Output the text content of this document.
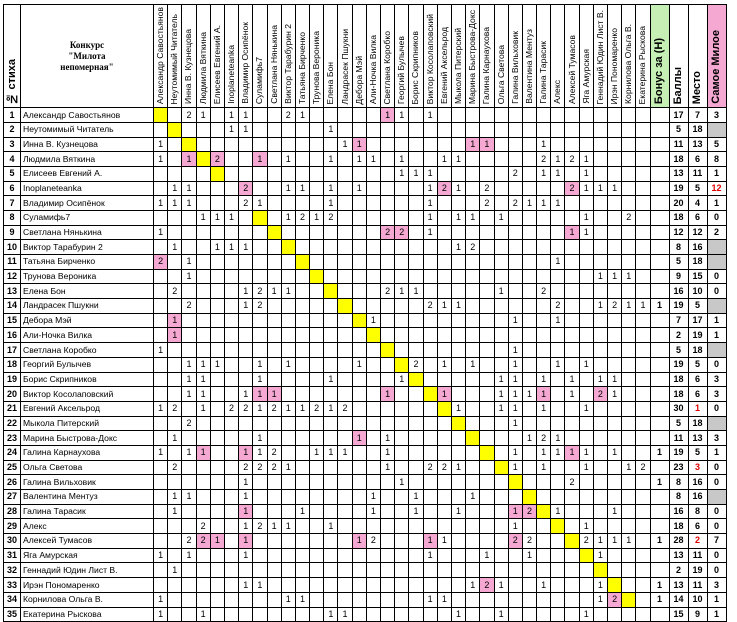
№ стиха	Конкурс
"Милота
непомерная"	Александр Савостьянов	Неутомимый Читатель	Инна В. Кузнецова	Людмила Вяткина	Елисеев Евгений А.	Inoplaneteanka	Владимир Осипёнок	Суламифь7	Светлана Нянькина	Виктор Тарабурин 2	Татьяна Бирченко	Трунова Вероника	Елена Бон	Ландрасек Пшукни	Дебора Мэй	Али-Ночка Вилка	Светлана Коробко	Георгий Булычев	Борис Скрипников	Виктор Косолаповский	Евгений Аксельрод	Мыкола Питерский	Марина Быстрова-Докс	Галина Карнаухова	Ольга Светова	Галина Вильховик	Валентина Ментуз	Галина Тарасик	Алекс	Алексей Тумасов	Яга Амурская	Геннадий Юдин Лист В.	Ирэн Пономаренко	Корнилова Ольга В.	Екатерина Рыскова	Бонус за (Н)	Баллы	Место	Самое Милое
1	Александр Савостьянов			2	1		1	1			2	1						1	1		1																	17	7	3
2	Неутомимый Читатель						1	1						1																								5	18	
3	Инна В. Кузнецова	1													1	1								1	1				1									11	13	5
4	Людмила Вяткина	1		1		2			1		1			1		1	1		1			1	1						2	1	2	1						18	6	8
5	Елисеев Евгений А.																		1	1	1						2		1	1		1						13	11	1
6	Inoplaneteanka		1	1				2			1	1		1		1					1	2	1		2						2	1	1	1				19	5	12
7	Владимир Осипёнок	1	1	1				2	1					1							1				2		2	1	1	1								20	4	1
8	Суламифь7				1	1	1				1	2	1	2							1		1	1		1						1			2			18	6	0
9	Светлана Нянькина	1																2	2		1										1	1						12	12	2
10	Виктор Тарабурин 2		1			1	1	1															1	2														8	16	
11	Татьяна Бирченко	2		1																										1								5	18	
12	Трунова Вероника			1																													1	1	1			9	15	0
13	Елена Бон		2					1	2	1	1							2	1	1						1			2									16	10	0
14	Ландрасек Пшукни			2				1	2												2	1	1							2			1	2	1	1	1	19	5	
15	Дебора Мэй		1														1										1			1								7	17	1
16	Али-Ночка Вилка		1																																			2	19	1
17	Светлана Коробко	1																									1											5	18	
18	Георгий Булычев			1	1	1			1		1					1				2		1		1			1			1		1						19	5	0
19	Борис Скрипников			1	1				1					1					1							1	1		1		1		1	1				18	6	3
20	Виктор Косолаповский			1	1			1	1	1								1				1				1	1	1	1		1		2	1				18	6	3
21	Евгений Аксельрод	1	2		1		2	2	1	2	1	1	2	1	2								1			1	1		1			1						30	1	0
22	Мыкола Питерский			2																							1											5	18	
23	Марина Быстрова-Докс		1						1							1		1										1	2	1								11	13	3
24	Галина Карнаухова	1		1	1			1	1	2			1	1	1			1									1		1	1	1	1		1			1	19	5	1
25	Ольга Светова		2					2	2	2	1							1			2	2	1				1		1			1			1	2		23	3	0
26	Галина Вильховик							1											1												2						1	8	16	0
27	Валентина Ментуз		1	1				1									1			1				1														8	16	
28	Галина Тарасик		1					1				1					1			1			1				1	2		1				1				16	8	0
29	Алекс				2			1	2	1	1			1													1					1						18	6	0
30	Алексей Тумасов			2	2	1		1								1	2				1	1					2	2				2	1	1	1		1	28	2	7
31	Яга Амурская	1		1				1													1				1			1					1					13	11	0
32	Геннадий Юдин Лист В.		1																																			2	19	0
33	Ирэн Пономаренко							1	1															1	2	1			1				1				1	13	11	3
34	Корнилова Ольга В.	1									1	1									1	1											1	2			1	14	10	1
35	Екатерина Рыскова	1			1									1	1								1			1						1						15	9	1
